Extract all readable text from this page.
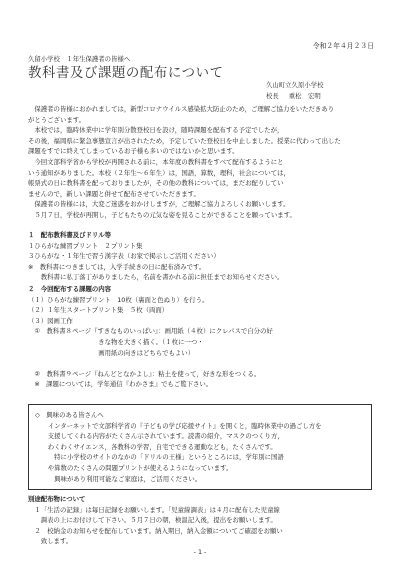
令和２年４月２３日
久留小学校　１年生保護者の皆様へ
教科書及び課題の配布について
久山町立久原小学校
校長 重松　宏明

　保護者の皆様におかれましては，新型コロナウイルス感染拡大防止のため，ご理解ご協力をいただきあり

がとうございます。

　本校では，臨時休業中に学年別分散登校日を設け，随時課題を配布する予定でしたが，

その後，福岡県に緊急事態宣言が出されたため，予定していた登校日を中止しました。授業に代わって出した

課題をすでに終えてしまっているお子様も多いのではないかと思います。

　今回文部科学省から学校が再開される前に，本年度の教科書をすべて配布するようにと

いう通知がありました。本校（２年生～６年生）は，国語，算数，理科，社会については，

帳票式の日に教科書を配っておりましたが，その他の教科については，まだお配りしてい

ませんので，新しい課題と併せて配布させていただきます。

　保護者の皆様には，大変ご迷惑をおかけしますが，ご理解ご協力よろしくお願いします。

　５月７日，学校が再開し，子どもたちの元気な姿を見ることができることを願っています。

１　配布教科書及びドリル等

１ひらがな練習プリント　２プリント集

３ひらがな・１年生で習う漢字表（お家で掲示しご活用ください）

※　教科書につきましては，入学手続きの日に配布済みです。

　　教科書に私丁落丁がありましたら，名前を書かれる前に担任までお知らせください。

２　今回配布する課題の内容

（１）ひらがな練習プリント　10枚（裏面と色ぬり）を行う。

（２）１年生スタートプリント集　５枚（両面）

（３）図画工作

　①　教科書８ページ『すきなものいっぱい』：画用紙（４枚）にクレパスで自分の好

　　　　　　　　　　　きな物を大きく描く。（１枚に一つ・

　　　　　　　　　　　画用紙の向きはどちらでもよい）

　②　教科書９ページ『ねんどとなかよし』：粘土を使って，好きな形をつくる。

　※　課題については，学年通信『わかさま』でもご覧下さい。

◇　興味のある皆さんへ

　　インターネットで文部科学省の『子どもの学び応援サイト』を開くと，臨時休業中の過ごし方を

　　支援してくれる内容がたくさん示されています。読書の紹介，マスクのつくり方，

　　わくわくサイエンス，各教科の学習，自宅でできる運動なども，たくさんです。

　　　特に小学校のサイトのなかの「ドリルの王様」というところには，学年別に国語

　　や算数のたくさんの問題プリントが使えるようになっています。

　　　興味があり利用可能なご家庭は，ご活用ください。

別途配布物について

　１「生活の記録」は毎日記録をお願いします。「児童線調表」は４月に配布した児童線

　　調表の上にお付けして下さい。５月７日の朝，検温記入後，提出をお願いします。

　２　校納金のお知らせを配布しています。納入期日，納入金額についてご確認をお願い

　　致します。

- 1 -
